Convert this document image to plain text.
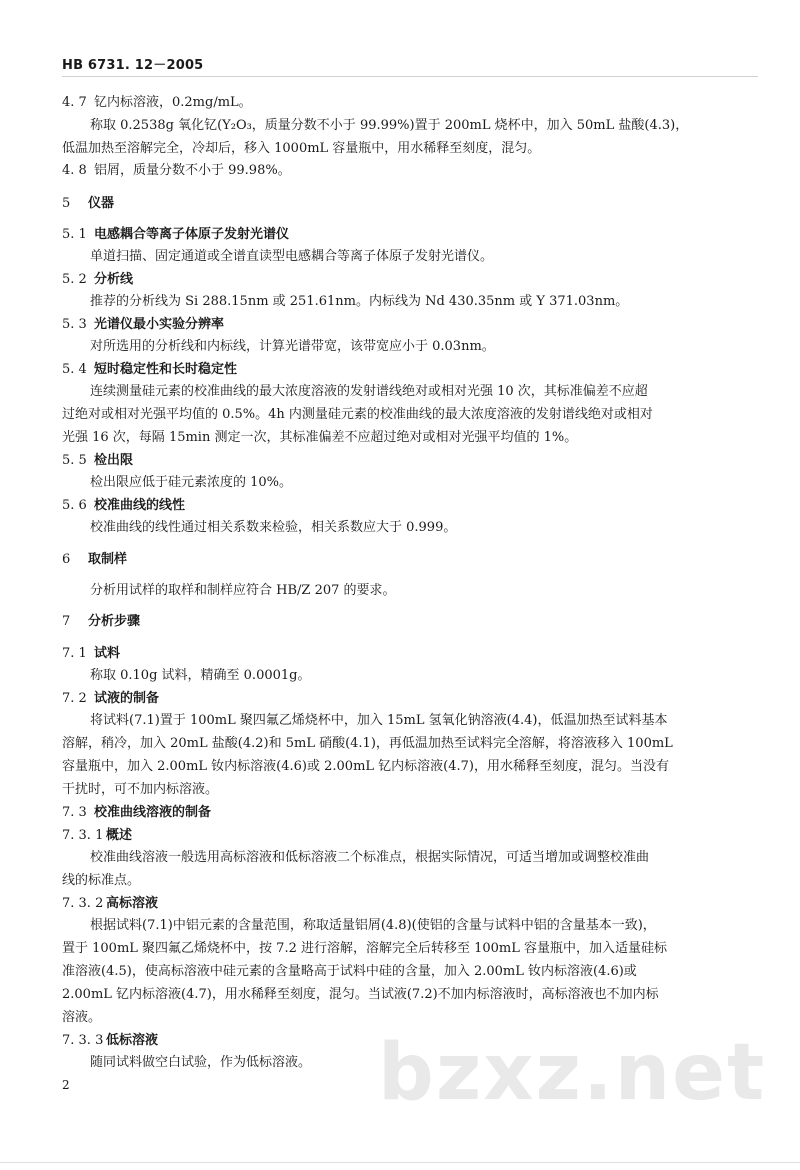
HB 6731. 12－2005
4. 7 钇内标溶液，0.2mg/mL。
称取 0.2538g 氧化钇(Y₂O₃，质量分数不小于 99.99%)置于 200mL 烧杯中，加入 50mL 盐酸(4.3)，
低温加热至溶解完全，冷却后，移入 1000mL 容量瓶中，用水稀释至刻度，混匀。
4. 8 铝屑，质量分数不小于 99.98%。
5 仪器
5. 1 电感耦合等离子体原子发射光谱仪
单道扫描、固定通道或全谱直读型电感耦合等离子体原子发射光谱仪。
5. 2 分析线
推荐的分析线为 Si 288.15nm 或 251.61nm。内标线为 Nd 430.35nm 或 Y 371.03nm。
5. 3 光谱仪最小实验分辨率
对所选用的分析线和内标线，计算光谱带宽，该带宽应小于 0.03nm。
5. 4 短时稳定性和长时稳定性
连续测量硅元素的校准曲线的最大浓度溶液的发射谱线绝对或相对光强 10 次，其标准偏差不应超
过绝对或相对光强平均值的 0.5%。4h 内测量硅元素的校准曲线的最大浓度溶液的发射谱线绝对或相对
光强 16 次，每隔 15min 测定一次，其标准偏差不应超过绝对或相对光强平均值的 1%。
5. 5 检出限
检出限应低于硅元素浓度的 10%。
5. 6 校准曲线的线性
校准曲线的线性通过相关系数来检验，相关系数应大于 0.999。
6 取制样
分析用试样的取样和制样应符合 HB/Z 207 的要求。
7 分析步骤
7. 1 试料
称取 0.10g 试料，精确至 0.0001g。
7. 2 试液的制备
将试料(7.1)置于 100mL 聚四氟乙烯烧杯中，加入 15mL 氢氧化钠溶液(4.4)，低温加热至试料基本
溶解，稍冷，加入 20mL 盐酸(4.2)和 5mL 硝酸(4.1)，再低温加热至试料完全溶解，将溶液移入 100mL
容量瓶中，加入 2.00mL 钕内标溶液(4.6)或 2.00mL 钇内标溶液(4.7)，用水稀释至刻度，混匀。当没有
干扰时，可不加内标溶液。
7. 3 校准曲线溶液的制备
7. 3. 1 概述
校准曲线溶液一般选用高标溶液和低标溶液二个标准点，根据实际情况，可适当增加或调整校准曲
线的标准点。
7. 3. 2 高标溶液
根据试料(7.1)中铝元素的含量范围，称取适量铝屑(4.8)(使铝的含量与试料中铝的含量基本一致)，
置于 100mL 聚四氟乙烯烧杯中，按 7.2 进行溶解，溶解完全后转移至 100mL 容量瓶中，加入适量硅标
准溶液(4.5)，使高标溶液中硅元素的含量略高于试料中硅的含量，加入 2.00mL 钕内标溶液(4.6)或
2.00mL 钇内标溶液(4.7)，用水稀释至刻度，混匀。当试液(7.2)不加内标溶液时，高标溶液也不加内标
溶液。
7. 3. 3 低标溶液
随同试料做空白试验，作为低标溶液。 bzxz.net
2
